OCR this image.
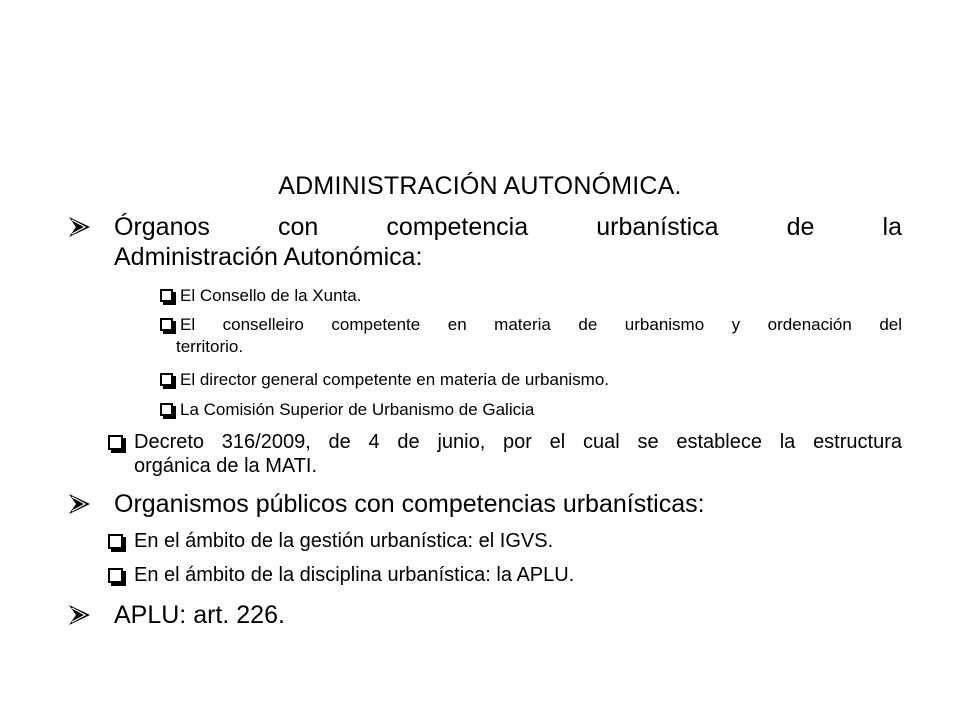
ADMINISTRACIÓN AUTONÓMICA.
Órganos con competencia urbanística de la
Administración Autonómica:
El Consello de la Xunta.
El conselleiro competente en materia de urbanismo y ordenación del
territorio.
El director general competente en materia de urbanismo.
La Comisión Superior de Urbanismo de Galicia
Decreto 316/2009, de 4 de junio, por el cual se establece la estructura
orgánica de la MATI.
Organismos públicos con competencias urbanísticas:
En el ámbito de la gestión urbanística: el IGVS.
En el ámbito de la disciplina urbanística: la APLU.
APLU: art. 226.
